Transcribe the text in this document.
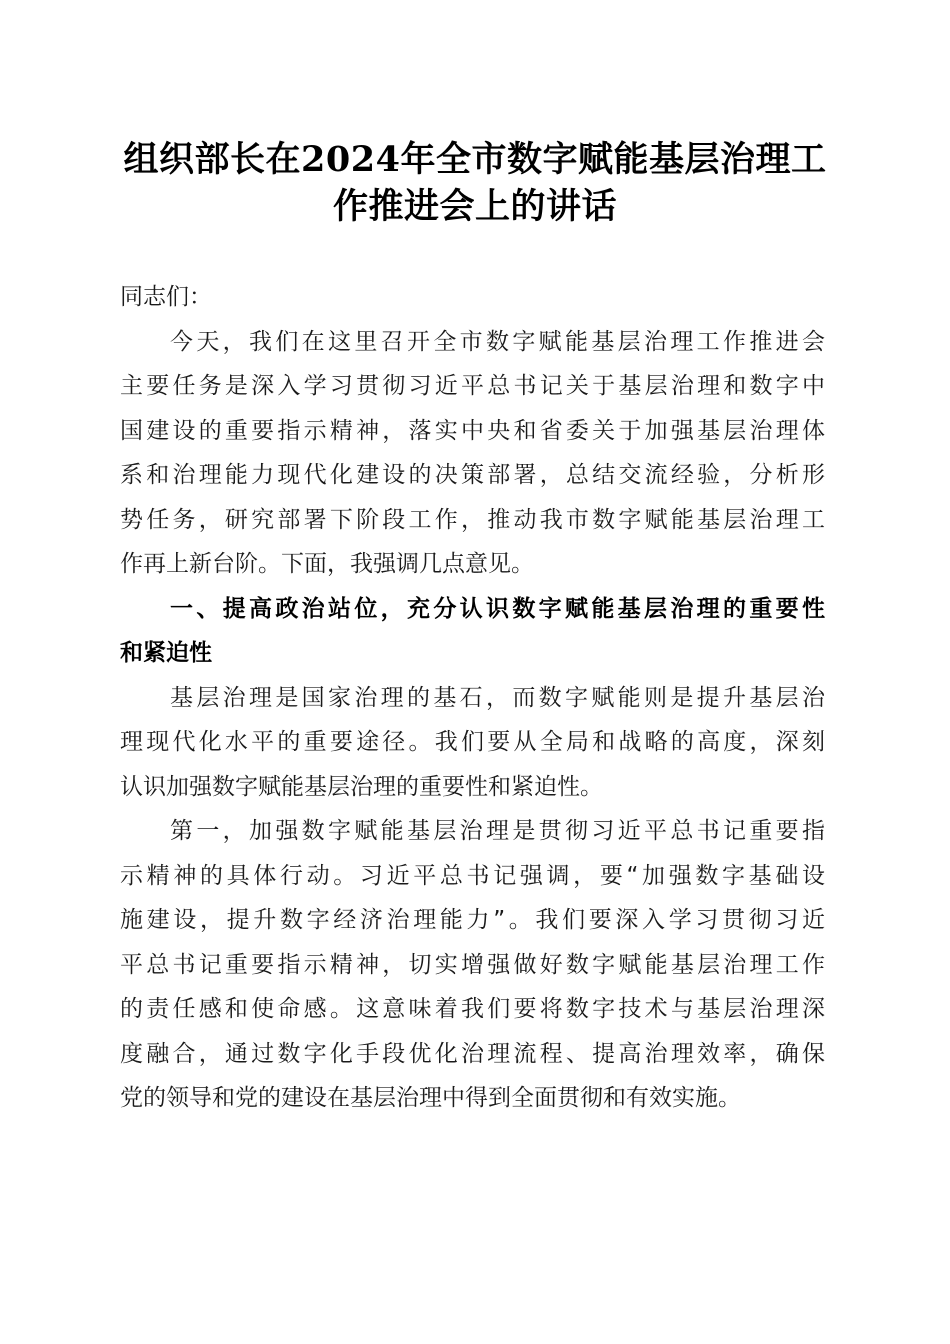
组织部长在2024年全市数字赋能基层治理工
作推进会上的讲话

同志们：

今天，我们在这里召开全市数字赋能基层治理工作推进会
主要任务是深入学习贯彻习近平总书记关于基层治理和数字中
国建设的重要指示精神，落实中央和省委关于加强基层治理体
系和治理能力现代化建设的决策部署，总结交流经验，分析形
势任务，研究部署下阶段工作，推动我市数字赋能基层治理工
作再上新台阶。下面，我强调几点意见。

一、提高政治站位，充分认识数字赋能基层治理的重要性
和紧迫性

基层治理是国家治理的基石，而数字赋能则是提升基层治
理现代化水平的重要途径。我们要从全局和战略的高度，深刻
认识加强数字赋能基层治理的重要性和紧迫性。

第一，加强数字赋能基层治理是贯彻习近平总书记重要指
示精神的具体行动。习近平总书记强调，要“加强数字基础设
施建设，提升数字经济治理能力”。我们要深入学习贯彻习近
平总书记重要指示精神，切实增强做好数字赋能基层治理工作
的责任感和使命感。这意味着我们要将数字技术与基层治理深
度融合，通过数字化手段优化治理流程、提高治理效率，确保
党的领导和党的建设在基层治理中得到全面贯彻和有效实施。
